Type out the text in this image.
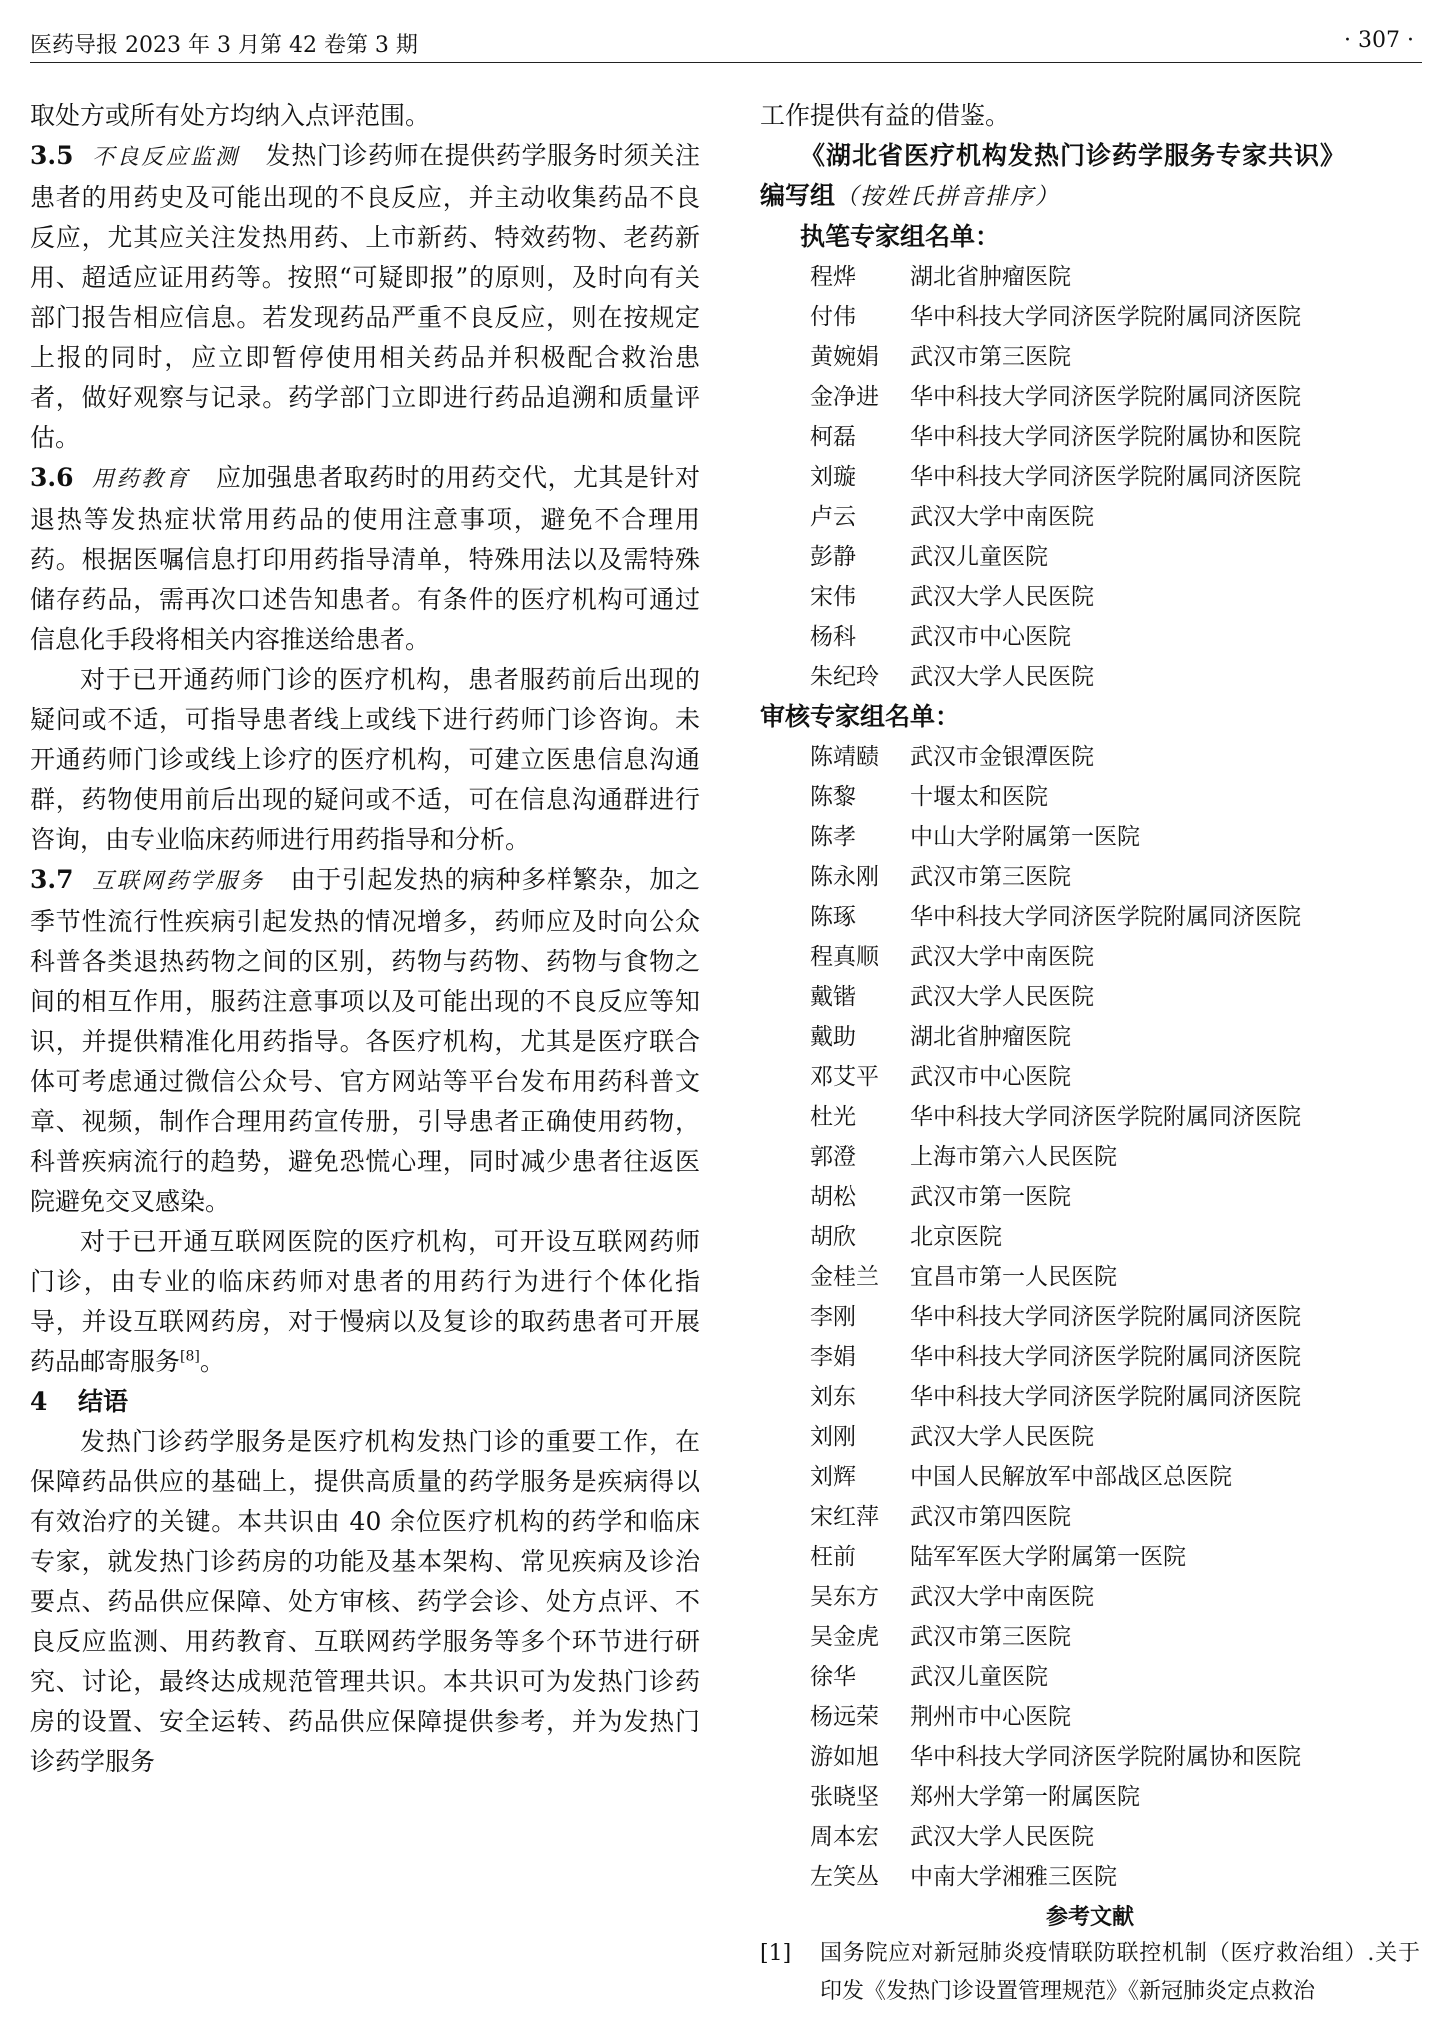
医药导报 2023 年 3 月第 42 卷第 3 期	· 307 ·

取处方或所有处方均纳入点评范围。

3.5 不良反应监测 发热门诊药师在提供药学服务时须关注患者的用药史及可能出现的不良反应，并主动收集药品不良反应，尤其应关注发热用药、上市新药、特效药物、老药新用、超适应证用药等。按照“可疑即报”的原则，及时向有关部门报告相应信息。若发现药品严重不良反应，则在按规定上报的同时，应立即暂停使用相关药品并积极配合救治患者，做好观察与记录。药学部门立即进行药品追溯和质量评估。

3.6 用药教育 应加强患者取药时的用药交代，尤其是针对退热等发热症状常用药品的使用注意事项，避免不合理用药。根据医嘱信息打印用药指导清单，特殊用法以及需特殊储存药品，需再次口述告知患者。有条件的医疗机构可通过信息化手段将相关内容推送给患者。

对于已开通药师门诊的医疗机构，患者服药前后出现的疑问或不适，可指导患者线上或线下进行药师门诊咨询。未开通药师门诊或线上诊疗的医疗机构，可建立医患信息沟通群，药物使用前后出现的疑问或不适，可在信息沟通群进行咨询，由专业临床药师进行用药指导和分析。

3.7 互联网药学服务 由于引起发热的病种多样繁杂，加之季节性流行性疾病引起发热的情况增多，药师应及时向公众科普各类退热药物之间的区别，药物与药物、药物与食物之间的相互作用，服药注意事项以及可能出现的不良反应等知识，并提供精准化用药指导。各医疗机构，尤其是医疗联合体可考虑通过微信公众号、官方网站等平台发布用药科普文章、视频，制作合理用药宣传册，引导患者正确使用药物，科普疾病流行的趋势，避免恐慌心理，同时减少患者往返医院避免交叉感染。

对于已开通互联网医院的医疗机构，可开设互联网药师门诊，由专业的临床药师对患者的用药行为进行个体化指导，并设互联网药房，对于慢病以及复诊的取药患者可开展药品邮寄服务[8]。

4 结语

发热门诊药学服务是医疗机构发热门诊的重要工作，在保障药品供应的基础上，提供高质量的药学服务是疾病得以有效治疗的关键。本共识由 40 余位医疗机构的药学和临床专家，就发热门诊药房的功能及基本架构、常见疾病及诊治要点、药品供应保障、处方审核、药学会诊、处方点评、不良反应监测、用药教育、互联网药学服务等多个环节进行研究、讨论，最终达成规范管理共识。本共识可为发热门诊药房的设置、安全运转、药品供应保障提供参考，并为发热门诊药学服务

工作提供有益的借鉴。

《湖北省医疗机构发热门诊药学服务专家共识》
编写组（按姓氏拼音排序）
执笔专家组名单：
程烨	湖北省肿瘤医院
付伟	华中科技大学同济医学院附属同济医院
黄婉娟	武汉市第三医院
金净进	华中科技大学同济医学院附属同济医院
柯磊	华中科技大学同济医学院附属协和医院
刘璇	华中科技大学同济医学院附属同济医院
卢云	武汉大学中南医院
彭静	武汉儿童医院
宋伟	武汉大学人民医院
杨科	武汉市中心医院
朱纪玲	武汉大学人民医院
审核专家组名单：
陈靖赜	武汉市金银潭医院
陈黎	十堰太和医院
陈孝	中山大学附属第一医院
陈永刚	武汉市第三医院
陈琢	华中科技大学同济医学院附属同济医院
程真顺	武汉大学中南医院
戴锴	武汉大学人民医院
戴助	湖北省肿瘤医院
邓艾平	武汉市中心医院
杜光	华中科技大学同济医学院附属同济医院
郭澄	上海市第六人民医院
胡松	武汉市第一医院
胡欣	北京医院
金桂兰	宜昌市第一人民医院
李刚	华中科技大学同济医学院附属同济医院
李娟	华中科技大学同济医学院附属同济医院
刘东	华中科技大学同济医学院附属同济医院
刘刚	武汉大学人民医院
刘辉	中国人民解放军中部战区总医院
宋红萍	武汉市第四医院
枉前	陆军军医大学附属第一医院
吴东方	武汉大学中南医院
吴金虎	武汉市第三医院
徐华	武汉儿童医院
杨远荣	荆州市中心医院
游如旭	华中科技大学同济医学院附属协和医院
张晓坚	郑州大学第一附属医院
周本宏	武汉大学人民医院
左笑丛	中南大学湘雅三医院
参考文献
[1]	国务院应对新冠肺炎疫情联防联控机制（医疗救治组）.关于印发《发热门诊设置管理规范》《新冠肺炎定点救治
